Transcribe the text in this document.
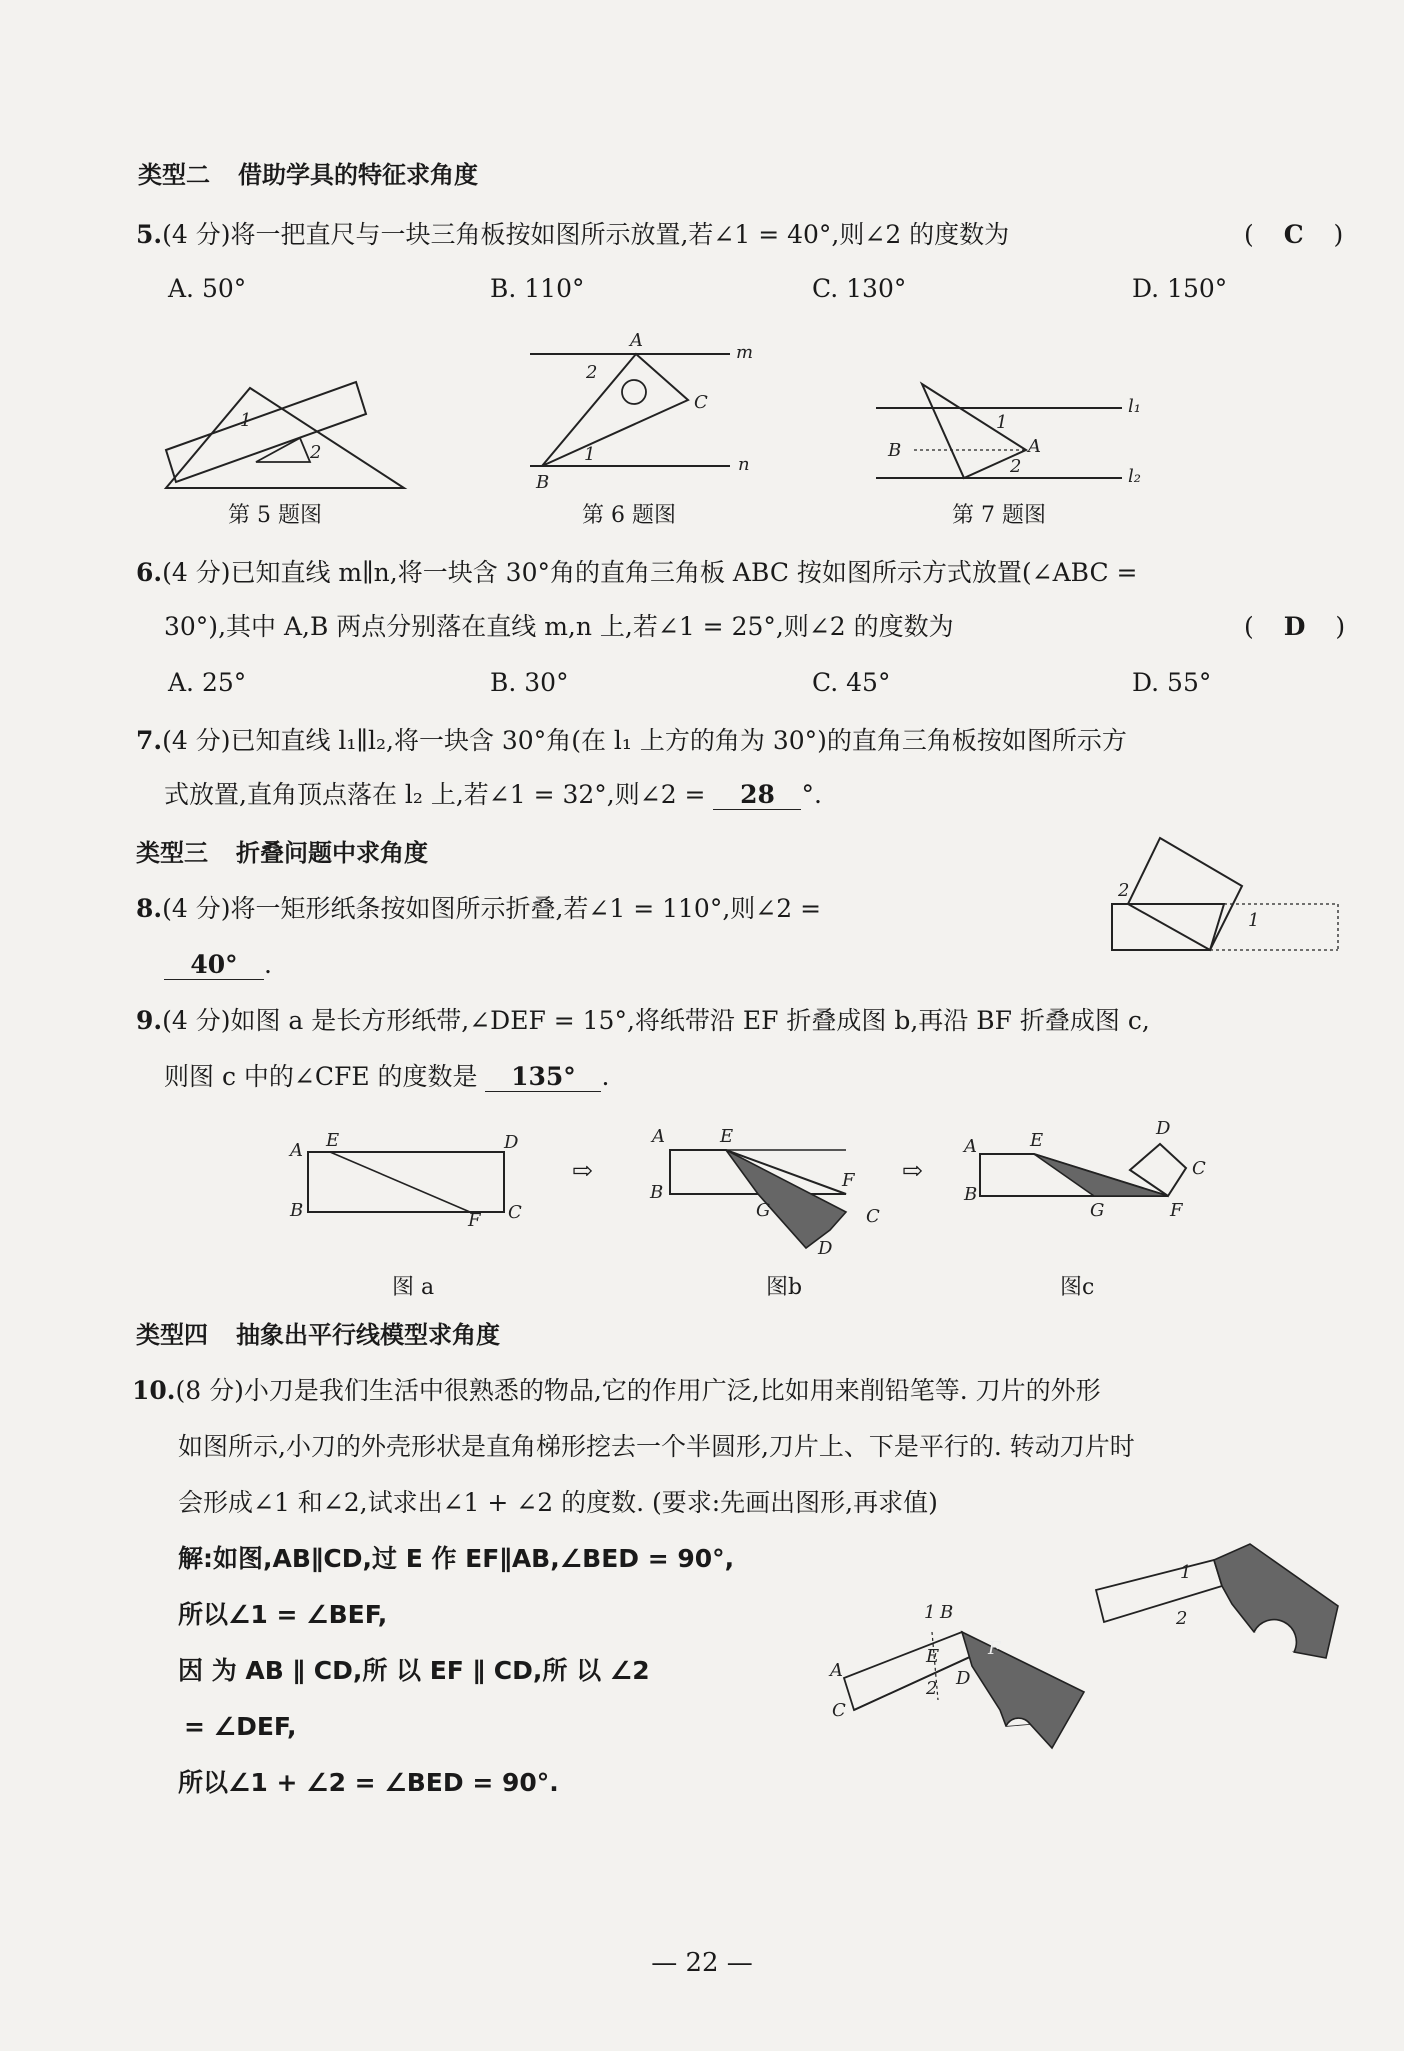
类型二 借助学具的特征求角度
5.(4 分)将一把直尺与一块三角板按如图所示放置,若∠1 = 40°,则∠2 的度数为	( C )
A. 50°	B. 110°	C. 130°	D. 150°
1
2
第 5 题图
A
m
C
n
B
1
2
第 6 题图
l₁
l₂
B	A
1
2
第 7 题图
6.(4 分)已知直线 m∥n,将一块含 30°角的直角三角板 ABC 按如图所示方式放置(∠ABC =
30°),其中 A,B 两点分别落在直线 m,n 上,若∠1 = 25°,则∠2 的度数为	( D )
A. 25°	B. 30°	C. 45°	D. 55°
7.(4 分)已知直线 l₁∥l₂,将一块含 30°角(在 l₁ 上方的角为 30°)的直角三角板按如图所示方
式放置,直角顶点落在 l₂ 上,若∠1 = 32°,则∠2 = 28 °.
类型三 折叠问题中求角度
8.(4 分)将一矩形纸条按如图所示折叠,若∠1 = 110°,则∠2 =
40° .
2
1
9.(4 分)如图 a 是长方形纸带,∠DEF = 15°,将纸带沿 EF 折叠成图 b,再沿 BF 折叠成图 c,
则图 c 中的∠CFE 的度数是 135° .
A E	D
B	F C
图 a
⇨
A	E
B
G
F
C
D
图b
⇨
A	E
D
C
B
G	F
图c
类型四 抽象出平行线模型求角度
10.(8 分)小刀是我们生活中很熟悉的物品,它的作用广泛,比如用来削铅笔等. 刀片的外形
如图所示,小刀的外壳形状是直角梯形挖去一个半圆形,刀片上、下是平行的. 转动刀片时
会形成∠1 和∠2,试求出∠1 + ∠2 的度数. (要求:先画出图形,再求值)
解:如图,AB∥CD,过 E 作 EF∥AB,∠BED = 90°,
所以∠1 = ∠BEF,
因 为 AB ∥ CD,所 以 EF ∥ CD,所 以 ∠2
= ∠DEF,
所以∠1 + ∠2 = ∠BED = 90°.
B
1
F
E
A	D
2
C
1
2
— 22 —
